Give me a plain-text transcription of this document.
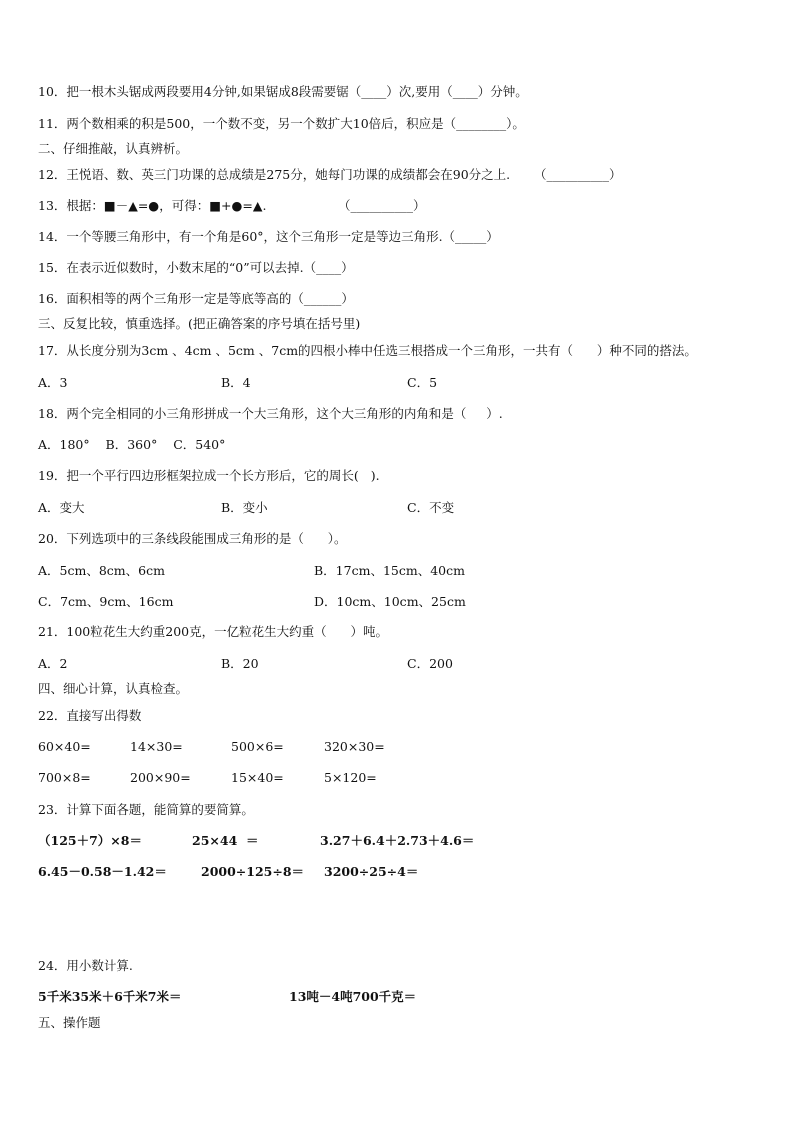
10．把一根木头锯成两段要用4分钟,如果锯成8段需要锯（____）次,要用（____）分钟。
11．两个数相乘的积是500，一个数不变，另一个数扩大10倍后，积应是（________）。
二、仔细推敲，认真辨析。
12．王悦语、数、英三门功课的总成绩是275分，她每门功课的成绩都会在90分之上.      （__________）
13．根据：■－▲=●，可得：■+●=▲.                  （__________）
14．一个等腰三角形中，有一个角是60°，这个三角形一定是等边三角形.（_____）
15．在表示近似数时，小数末尾的“0”可以去掉.（____）
16．面积相等的两个三角形一定是等底等高的（______）
三、反复比较，慎重选择。(把正确答案的序号填在括号里)
17．从长度分别为3cm 、4cm 、5cm 、7cm的四根小棒中任选三根搭成一个三角形，一共有（      ）种不同的搭法。
A．3	B．4	C．5
18．两个完全相同的小三角形拼成一个大三角形，这个大三角形的内角和是（     ）.
A．180°    B．360°    C．540°
19．把一个平行四边形框架拉成一个长方形后，它的周长(   ).
A．变大	B．变小	C．不变
20．下列选项中的三条线段能围成三角形的是（      ）。
A．5cm、8cm、6cm	B．17cm、15cm、40cm
C．7cm、9cm、16cm	D．10cm、10cm、25cm
21．100粒花生大约重200克，一亿粒花生大约重（      ）吨。
A．2	B．20	C．200
四、细心计算，认真检查。
22．直接写出得数
60×40=	14×30=	500×6=	320×30=
700×8=	200×90=	15×40=	5×120=
23．计算下面各题，能简算的要简算。
（125＋7）×8＝	25×44  ＝	3.27＋6.4＋2.73＋4.6＝
6.45－0.58－1.42＝	2000÷125÷8＝ 3200÷25÷4＝
24．用小数计算.
5千米35米＋6千米7米＝	13吨－4吨700千克＝
五、操作题
